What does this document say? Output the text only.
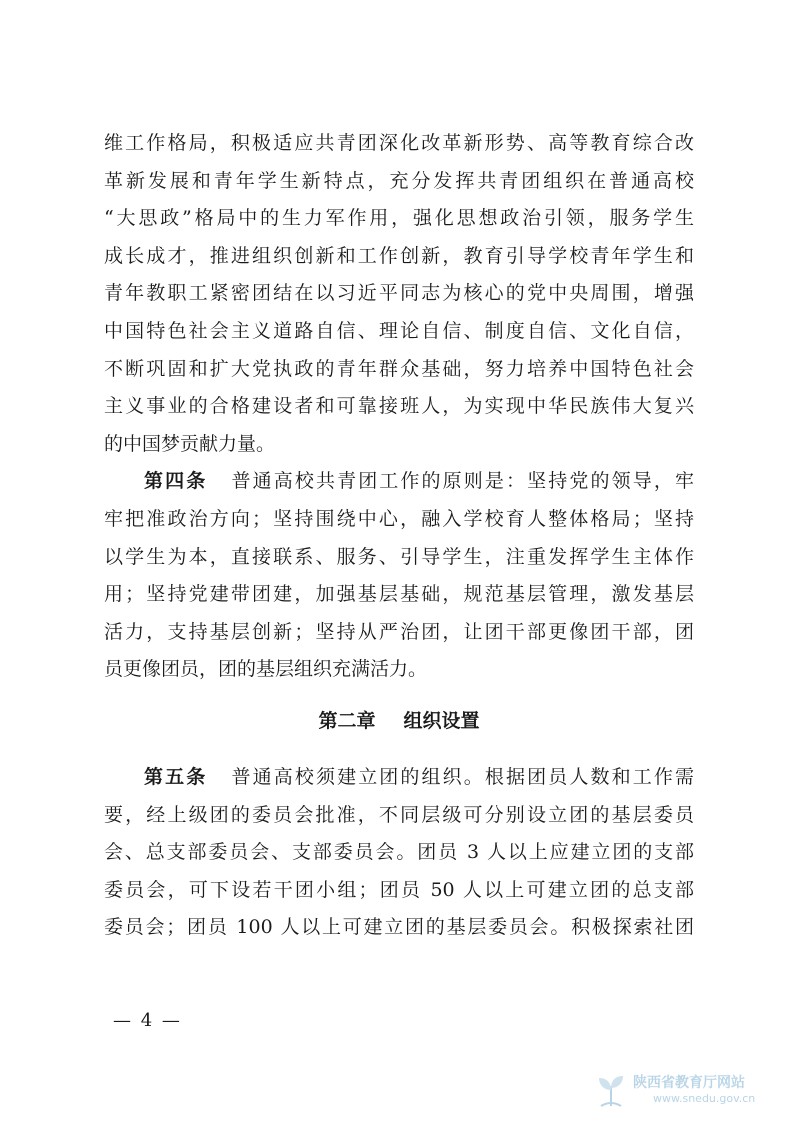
维工作格局，积极适应共青团深化改革新形势、高等教育综合改
革新发展和青年学生新特点，充分发挥共青团组织在普通高校
“大思政”格局中的生力军作用，强化思想政治引领，服务学生
成长成才，推进组织创新和工作创新，教育引导学校青年学生和
青年教职工紧密团结在以习近平同志为核心的党中央周围，增强
中国特色社会主义道路自信、理论自信、制度自信、文化自信，
不断巩固和扩大党执政的青年群众基础，努力培养中国特色社会
主义事业的合格建设者和可靠接班人，为实现中华民族伟大复兴
的中国梦贡献力量。
第四条 普通高校共青团工作的原则是：坚持党的领导，牢
牢把准政治方向；坚持围绕中心，融入学校育人整体格局；坚持
以学生为本，直接联系、服务、引导学生，注重发挥学生主体作
用；坚持党建带团建，加强基层基础，规范基层管理，激发基层
活力，支持基层创新；坚持从严治团，让团干部更像团干部，团
员更像团员，团的基层组织充满活力。
第二章 组织设置
第五条 普通高校须建立团的组织。根据团员人数和工作需
要，经上级团的委员会批准，不同层级可分别设立团的基层委员
会、总支部委员会、支部委员会。团员 3 人以上应建立团的支部
委员会，可下设若干团小组；团员 50 人以上可建立团的总支部
委员会；团员 100 人以上可建立团的基层委员会。积极探索社团
— 4 —
陕西省教育厅网站
www.snedu.gov.cn
